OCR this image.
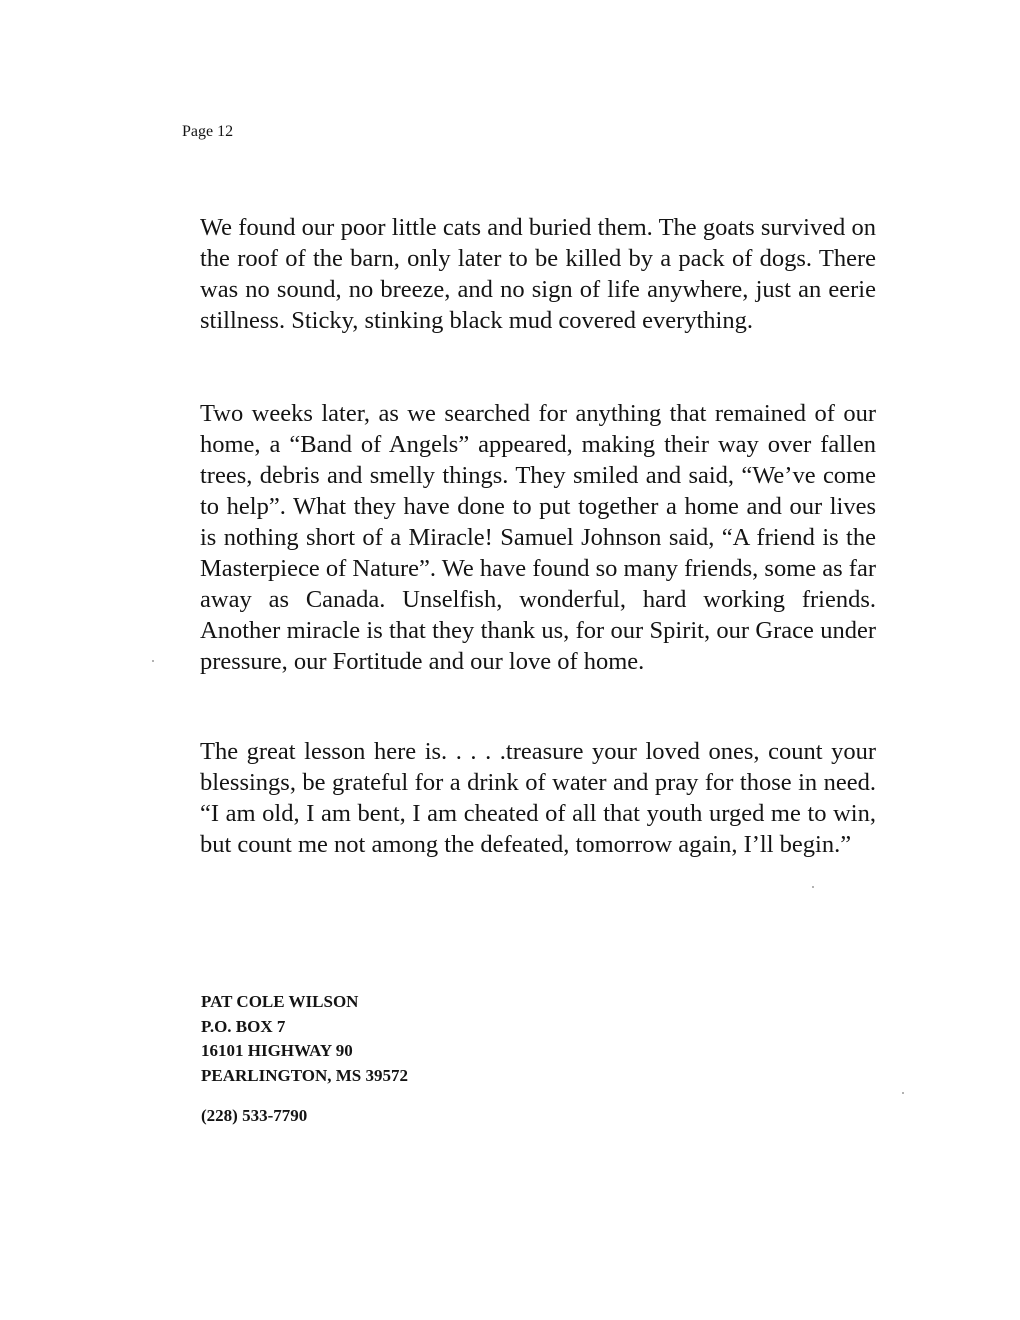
Page 12

We found our poor little cats and buried them. The goats survived on the roof of the barn, only later to be killed by a pack of dogs. There was no sound, no breeze, and no sign of life anywhere, just an eerie stillness. Sticky, stinking black mud covered everything.

Two weeks later, as we searched for anything that remained of our home, a “Band of Angels” appeared, making their way over fallen trees, debris and smelly things. They smiled and said, “We’ve come to help”. What they have done to put together a home and our lives is nothing short of a Miracle! Samuel Johnson said, “A friend is the Masterpiece of Nature”. We have found so many friends, some as far away as Canada. Unselfish, wonderful, hard working friends. Another miracle is that they thank us, for our Spirit, our Grace under pressure, our Fortitude and our love of home.

The great lesson here is. . . . .treasure your loved ones, count your blessings, be grateful for a drink of water and pray for those in need. “I am old, I am bent, I am cheated of all that youth urged me to win, but count me not among the defeated, tomorrow again, I’ll begin.”

PAT COLE WILSON
P.O. BOX 7
16101 HIGHWAY 90
PEARLINGTON, MS 39572
(228) 533-7790
